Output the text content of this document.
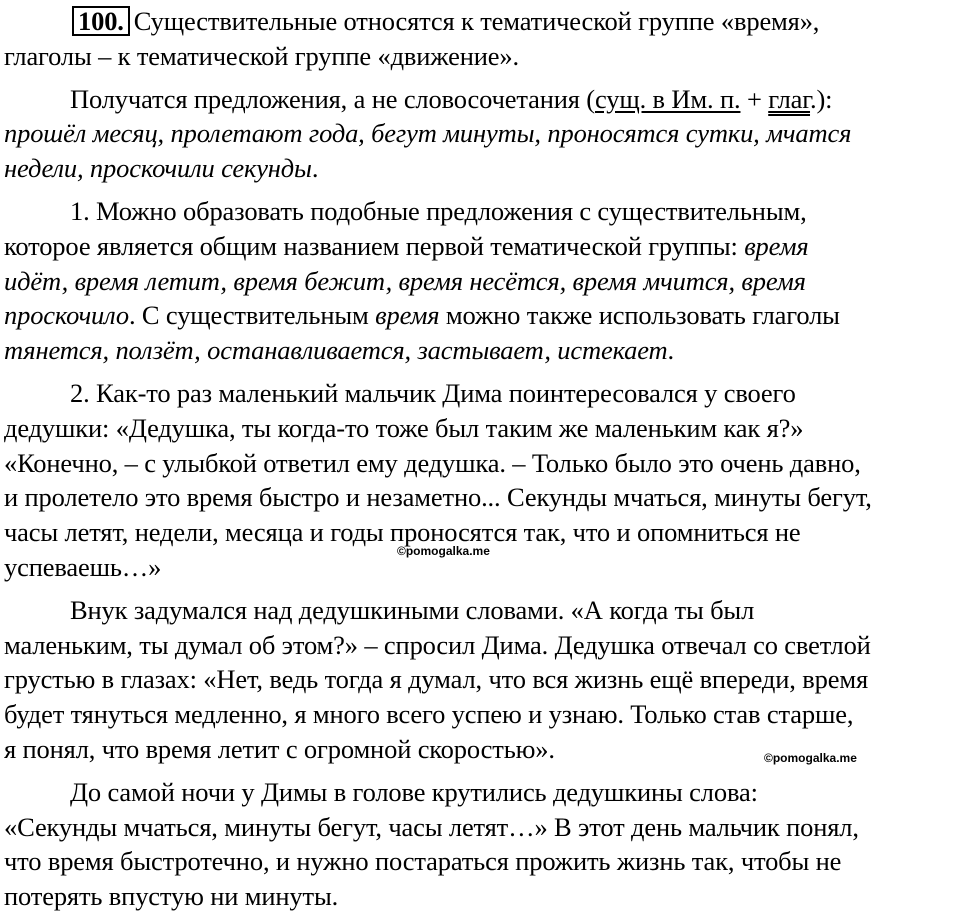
100. Существительные относятся к тематической группе «время»,
глаголы – к тематической группе «движение».

Получатся предложения, а не словосочетания (сущ. в Им. п. + глаг.):
прошёл месяц, пролетают года, бегут минуты, проносятся сутки, мчатся
недели, проскочили секунды.

1. Можно образовать подобные предложения с существительным,
которое является общим названием первой тематической группы: время
идёт, время летит, время бежит, время несётся, время мчится, время
проскочило. С существительным время можно также использовать глаголы
тянется, ползёт, останавливается, застывает, истекает.

2. Как-то раз маленький мальчик Дима поинтересовался у своего
дедушки: «Дедушка, ты когда-то тоже был таким же маленьким как я?»
«Конечно, – с улыбкой ответил ему дедушка. – Только было это очень давно,
и пролетело это время быстро и незаметно... Секунды мчаться, минуты бегут,
часы летят, недели, месяца и годы проносятся так, что и опомниться не
успеваешь…»

Внук задумался над дедушкиными словами. «А когда ты был
маленьким, ты думал об этом?» – спросил Дима. Дедушка отвечал со светлой
грустью в глазах: «Нет, ведь тогда я думал, что вся жизнь ещё впереди, время
будет тянуться медленно, я много всего успею и узнаю. Только став старше,
я понял, что время летит с огромной скоростью».

До самой ночи у Димы в голове крутились дедушкины слова:
«Секунды мчаться, минуты бегут, часы летят…» В этот день мальчик понял,
что время быстротечно, и нужно постараться прожить жизнь так, чтобы не
потерять впустую ни минуты.

©pomogalka.me
©pomogalka.me
